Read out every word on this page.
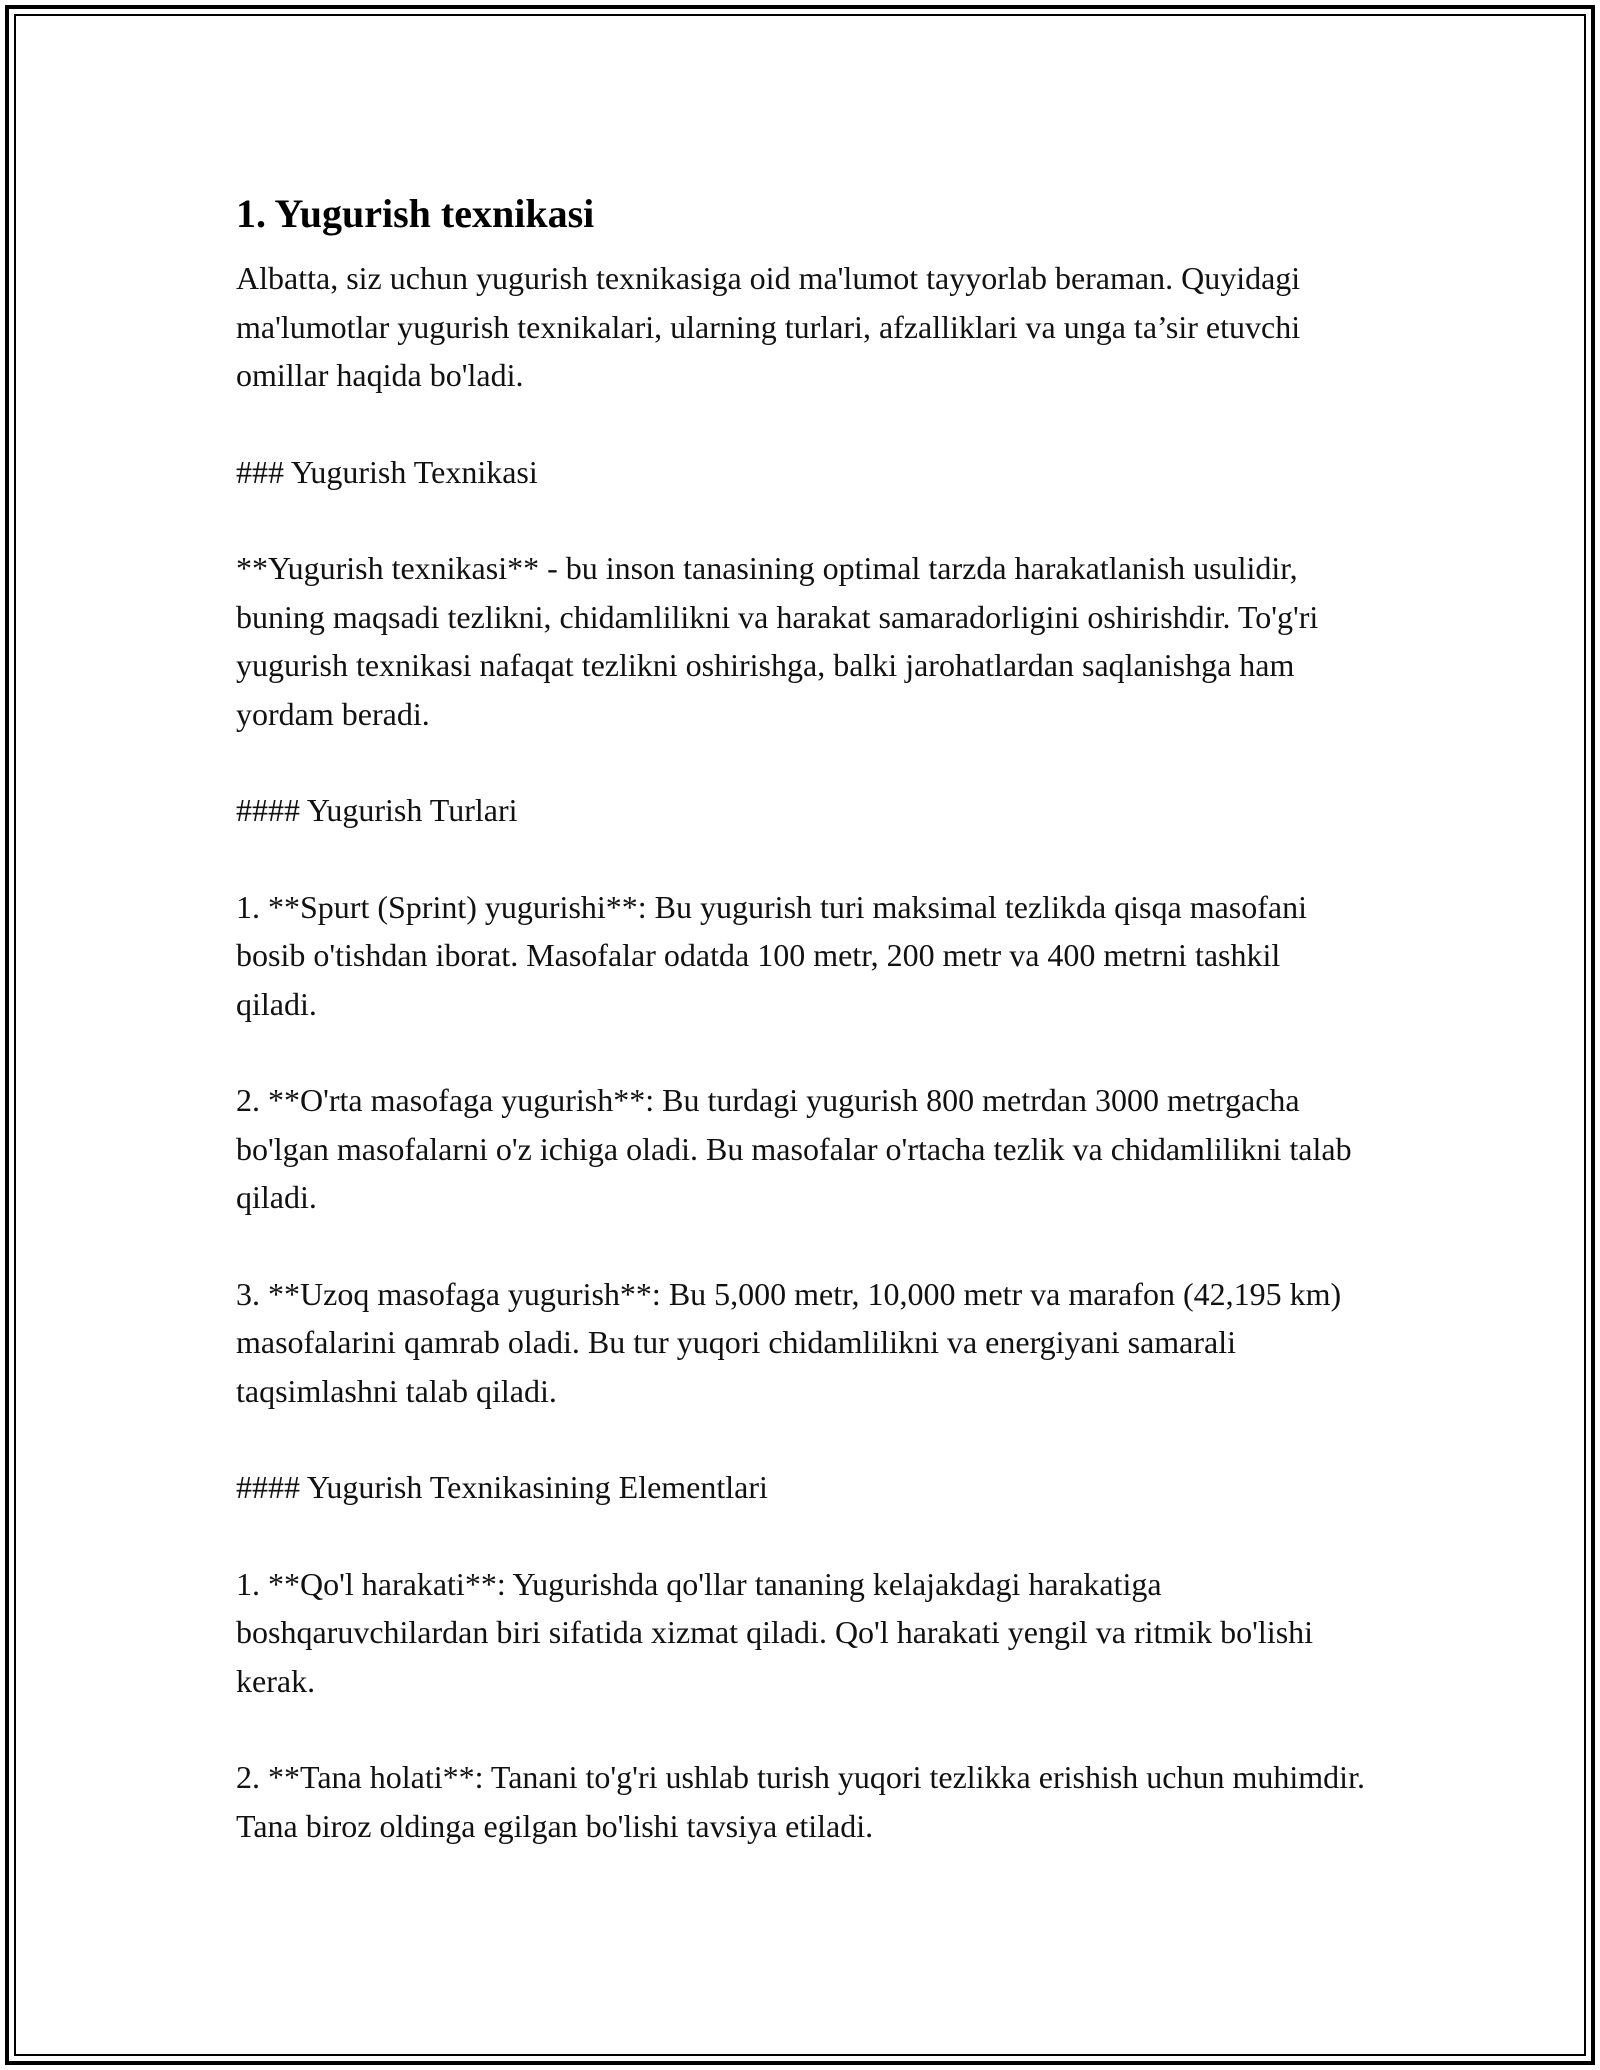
1. Yugurish texnikasi

Albatta, siz uchun yugurish texnikasiga oid ma'lumot tayyorlab beraman. Quyidagi ma'lumotlar yugurish texnikalari, ularning turlari, afzalliklari va unga ta’sir etuvchi omillar haqida bo'ladi.

### Yugurish Texnikasi

**Yugurish texnikasi** - bu inson tanasining optimal tarzda harakatlanish usulidir, buning maqsadi tezlikni, chidamlilikni va harakat samaradorligini oshirishdir. To'g'ri yugurish texnikasi nafaqat tezlikni oshirishga, balki jarohatlardan saqlanishga ham yordam beradi.

#### Yugurish Turlari

1. **Spurt (Sprint) yugurishi**: Bu yugurish turi maksimal tezlikda qisqa masofani bosib o'tishdan iborat. Masofalar odatda 100 metr, 200 metr va 400 metrni tashkil qiladi.

2. **O'rta masofaga yugurish**: Bu turdagi yugurish 800 metrdan 3000 metrgacha bo'lgan masofalarni o'z ichiga oladi. Bu masofalar o'rtacha tezlik va chidamlilikni talab qiladi.

3. **Uzoq masofaga yugurish**: Bu 5,000 metr, 10,000 metr va marafon (42,195 km) masofalarini qamrab oladi. Bu tur yuqori chidamlilikni va energiyani samarali taqsimlashni talab qiladi.

#### Yugurish Texnikasining Elementlari

1. **Qo'l harakati**: Yugurishda qo'llar tananing kelajakdagi harakatiga boshqaruvchilardan biri sifatida xizmat qiladi. Qo'l harakati yengil va ritmik bo'lishi kerak.

2. **Tana holati**: Tanani to'g'ri ushlab turish yuqori tezlikka erishish uchun muhimdir. Tana biroz oldinga egilgan bo'lishi tavsiya etiladi.
